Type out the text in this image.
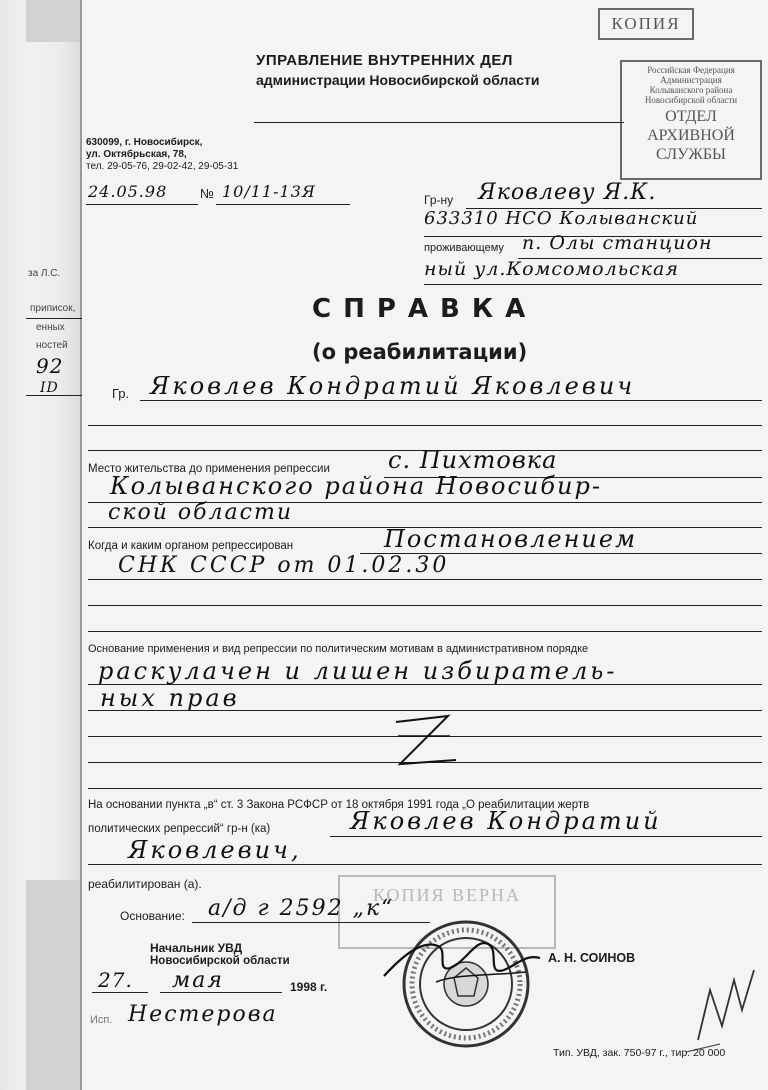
за Л.С.
приписок,
енных
ностей
92
ID
КОПИЯ
Российская Федерация
Администрация
Колыванского района
Новосибирской области
ОТДЕЛ
АРХИВНОЙ
СЛУЖБЫ
УПРАВЛЕНИЕ ВНУТРЕННИХ ДЕЛ
администрации Новосибирской области
630099, г. Новосибирск,
ул. Октябрьская, 78,
тел. 29-05-76, 29-02-42, 29-05-31
24.05.98	№ 10/11-13Я	Гр-ну Яковлеву Я.К.
633310 НСО Колыванский
проживающему п. Олы станцион
ный ул.Комсомольская
СПРАВКА
(о реабилитации)
Гр. Яковлев Кондратий Яковлевич
Место жительства до применения репрессии с. Пихтовка
Колыванского района Новосибир-
ской области
Когда и каким органом репрессирован	Постановлением
СНК СССР от 01.02.30
Основание применения и вид репрессии по политическим мотивам в административном порядке
раскулачен и лишен избиратель-
ных прав
На основании пункта „в“ ст. 3 Закона РСФСР от 18 октября 1991 года „О реабилитации жертв
политических репрессий“ гр-н (ка)	Яковлев Кондратий
Яковлевич,
реабилитирован (а).
КОПИЯ ВЕРНА
Основание: а/д г 2592 „к“
Начальник УВД
Новосибирской области	А. Н. СОИНОВ
27. мая	1998 г.
Исп. Нестерова
Тип. УВД, зак. 750-97 г., тир. 20 000
